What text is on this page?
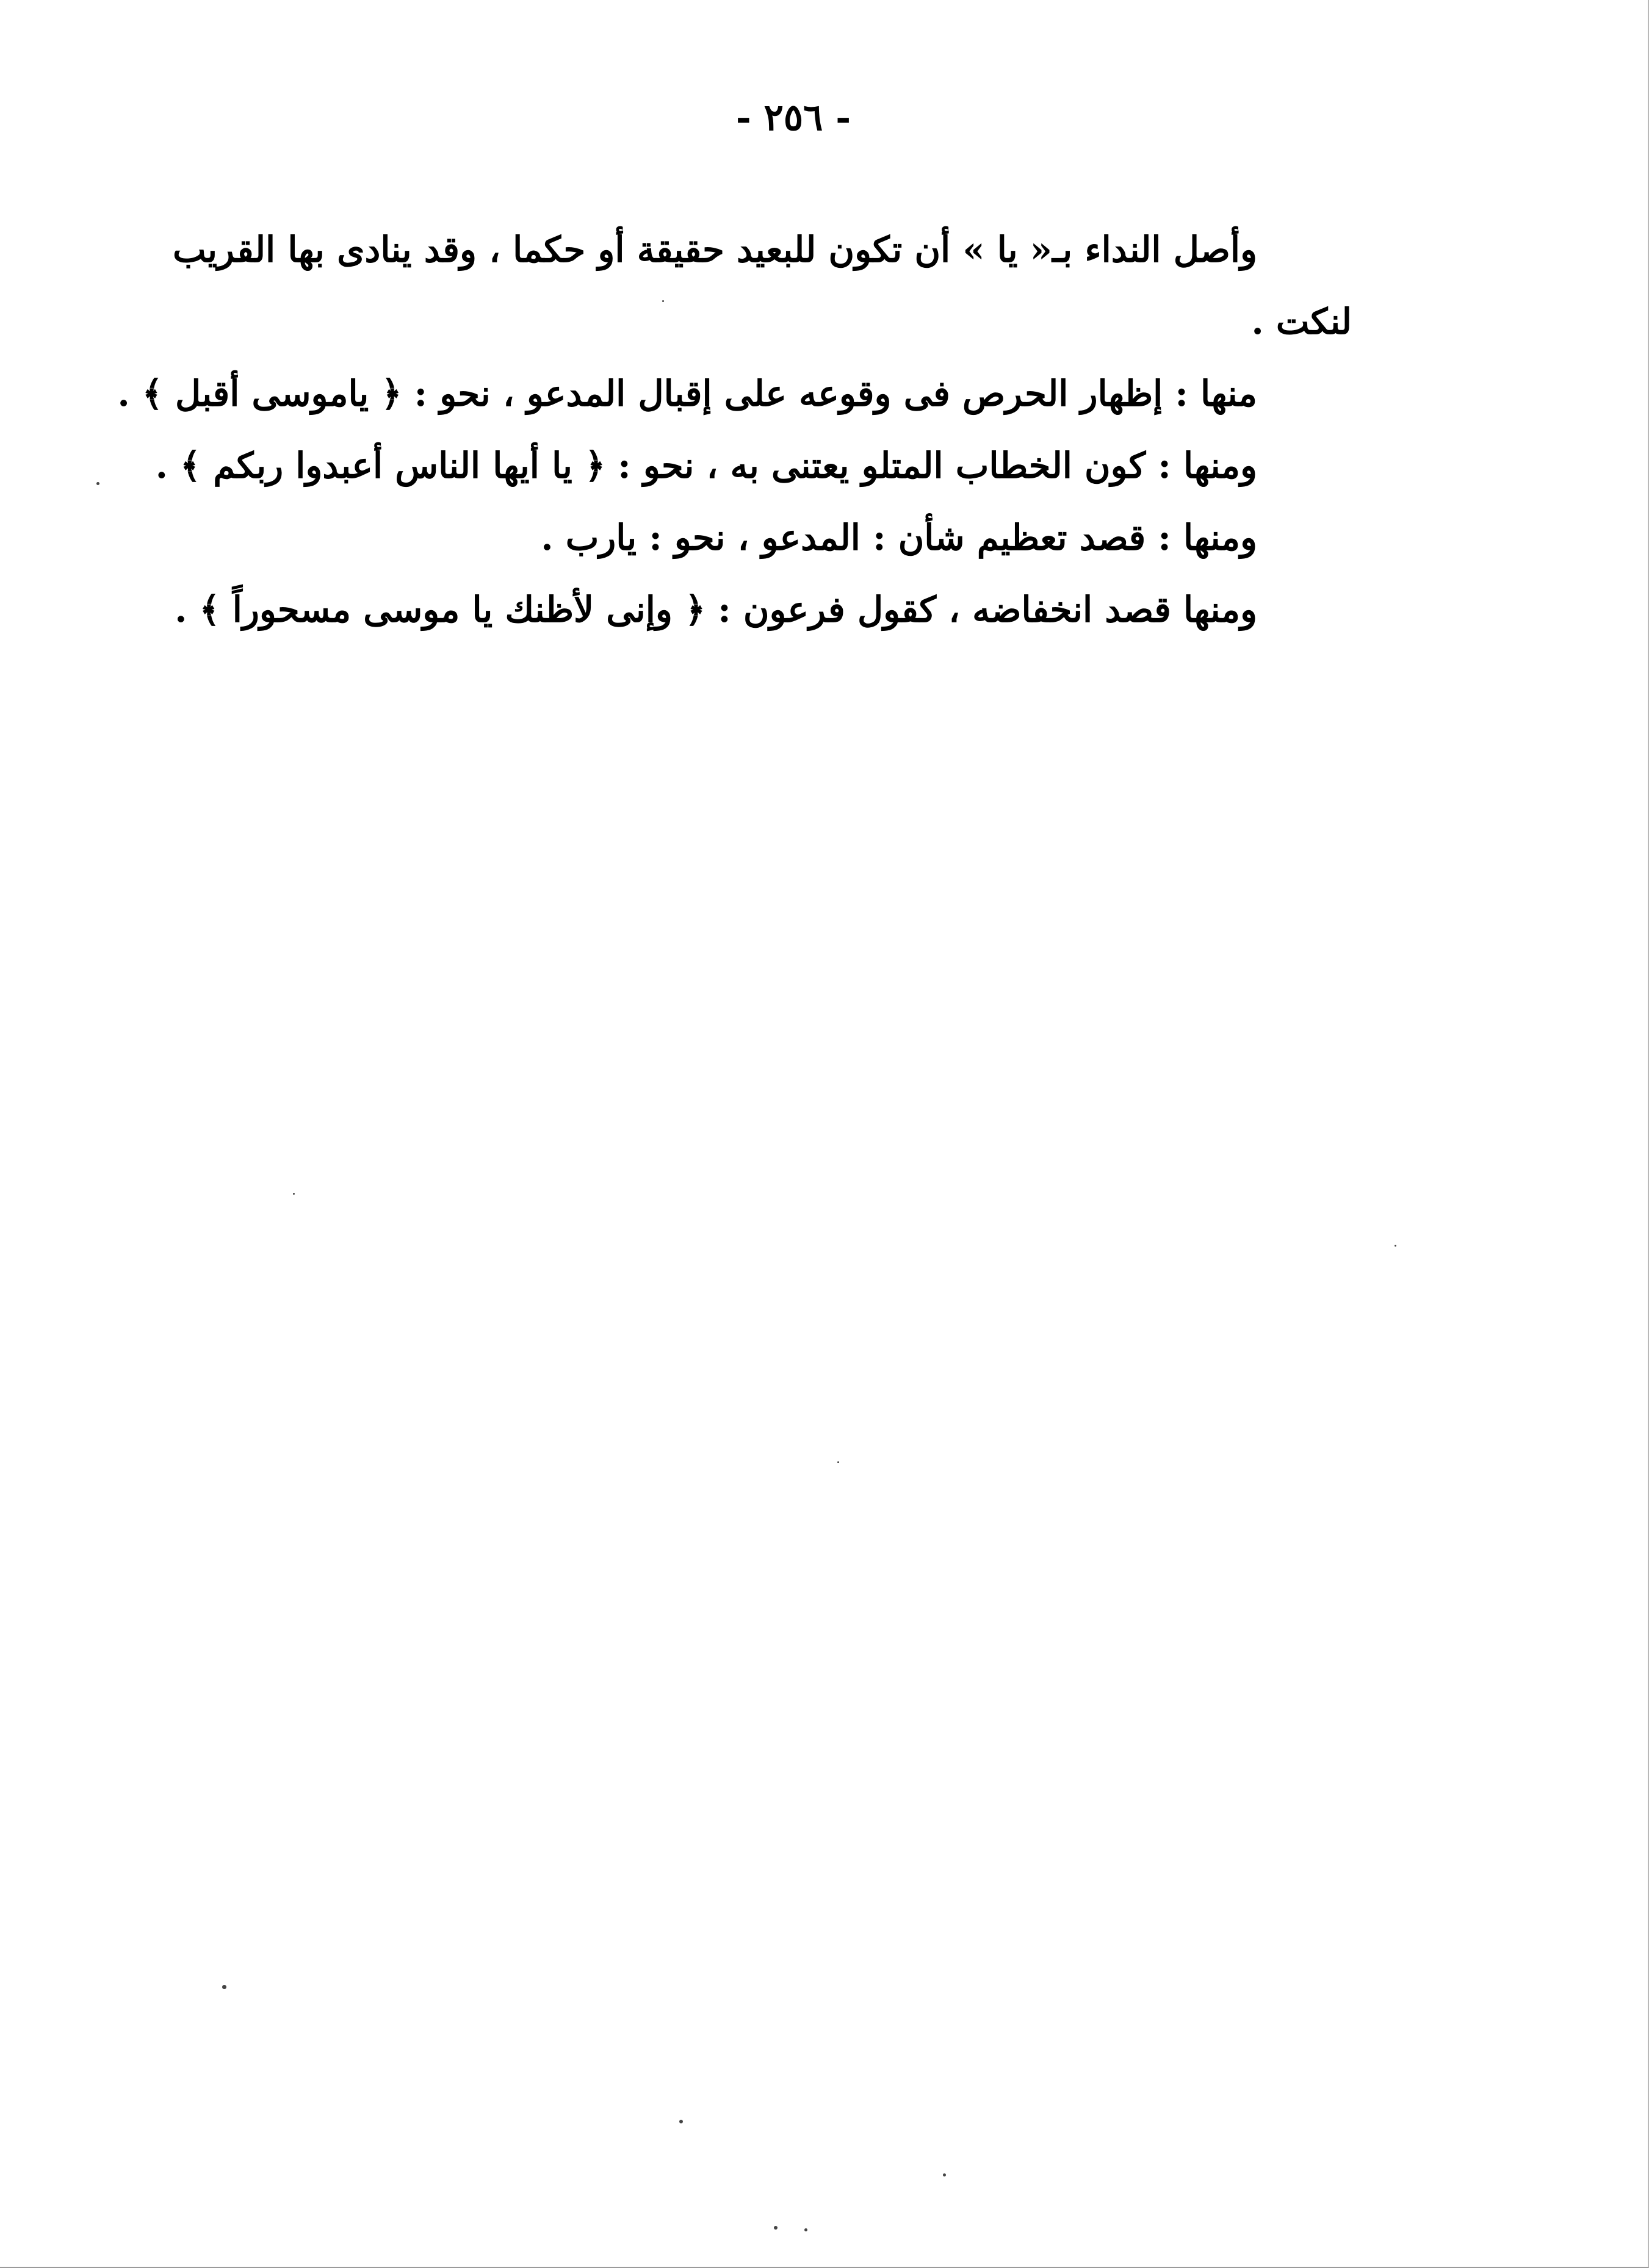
- ٢٥٦ -
وأصل النداء بـ« يا » أن تكون للبعيد حقيقة أو حكما ، وقد ينادى بها القريب
لنكت .
منها : إظهار الحرص فى وقوعه على إقبال المدعو ، نحو : ﴿ ياموسى أقبل ﴾ .
ومنها : كون الخطاب المتلو يعتنى به ، نحو : ﴿ يا أيها الناس أعبدوا ربكم ﴾ .
ومنها : قصد تعظيم شأن : المدعو ، نحو : يارب .
ومنها قصد انخفاضه ، كقول فرعون : ﴿ وإنى لأظنك يا موسى مسحوراً ﴾ .
